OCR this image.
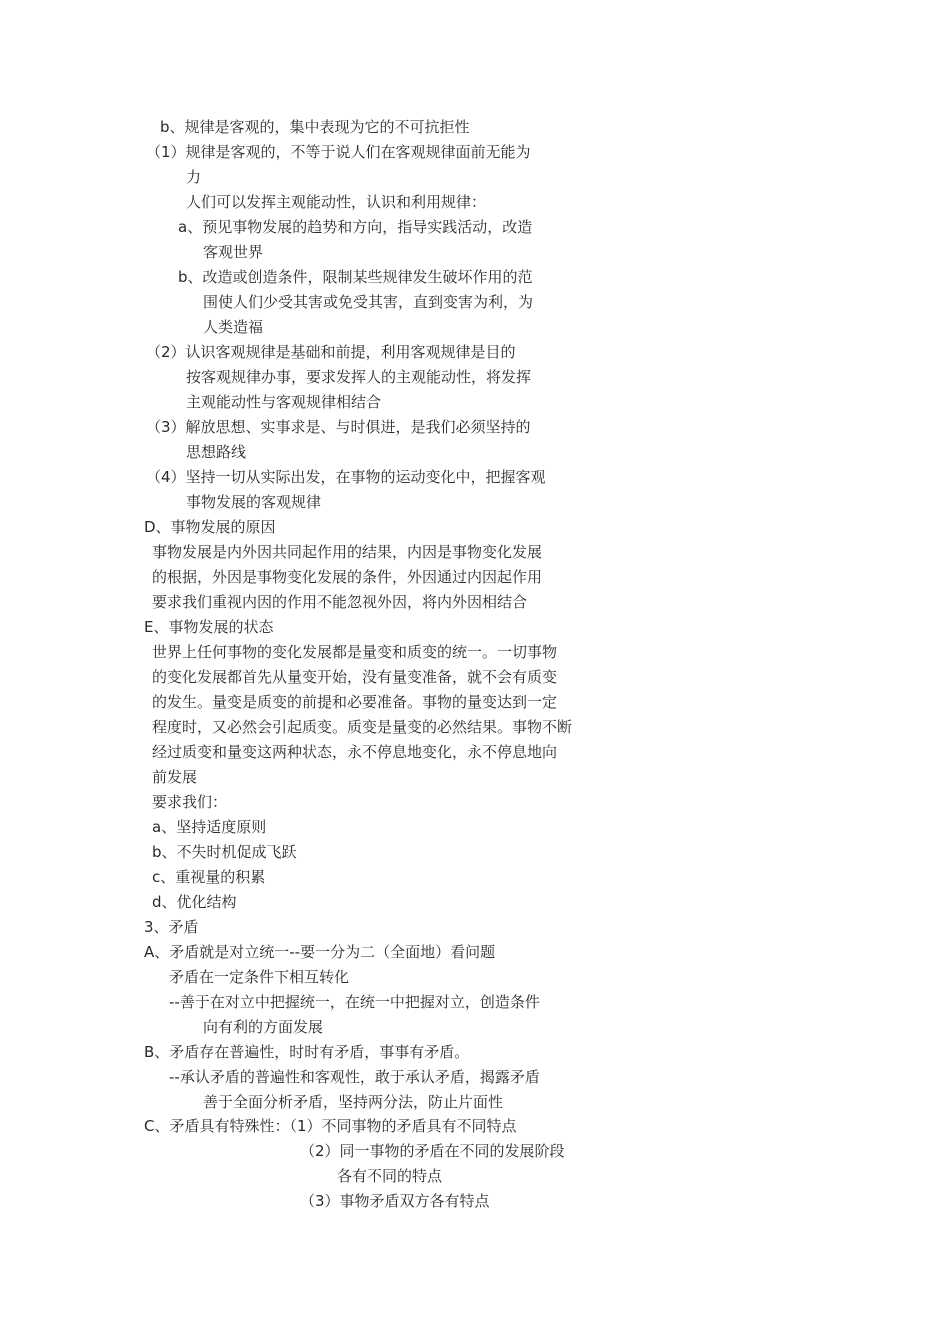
b、规律是客观的，集中表现为它的不可抗拒性
（1）规律是客观的，不等于说人们在客观规律面前无能为
力
人们可以发挥主观能动性，认识和利用规律：
a、预见事物发展的趋势和方向，指导实践活动，改造
客观世界
b、改造或创造条件，限制某些规律发生破坏作用的范
围使人们少受其害或免受其害，直到变害为利，为
人类造福
（2）认识客观规律是基础和前提，利用客观规律是目的
按客观规律办事，要求发挥人的主观能动性，将发挥
主观能动性与客观规律相结合
（3）解放思想、实事求是、与时俱进，是我们必须坚持的
思想路线
（4）坚持一切从实际出发，在事物的运动变化中，把握客观
事物发展的客观规律
D、事物发展的原因
事物发展是内外因共同起作用的结果，内因是事物变化发展
的根据，外因是事物变化发展的条件，外因通过内因起作用
要求我们重视内因的作用不能忽视外因，将内外因相结合
E、事物发展的状态
世界上任何事物的变化发展都是量变和质变的统一。一切事物
的变化发展都首先从量变开始，没有量变准备，就不会有质变
的发生。量变是质变的前提和必要准备。事物的量变达到一定
程度时，又必然会引起质变。质变是量变的必然结果。事物不断
经过质变和量变这两种状态，永不停息地变化，永不停息地向
前发展
要求我们：
a、坚持适度原则
b、不失时机促成飞跃
c、重视量的积累
d、优化结构
3、矛盾
A、矛盾就是对立统一--要一分为二（全面地）看问题
矛盾在一定条件下相互转化
--善于在对立中把握统一，在统一中把握对立，创造条件
向有利的方面发展
B、矛盾存在普遍性，时时有矛盾，事事有矛盾。
--承认矛盾的普遍性和客观性，敢于承认矛盾，揭露矛盾
善于全面分析矛盾，坚持两分法，防止片面性
C、矛盾具有特殊性：（1）不同事物的矛盾具有不同特点
（2）同一事物的矛盾在不同的发展阶段
各有不同的特点
（3）事物矛盾双方各有特点
